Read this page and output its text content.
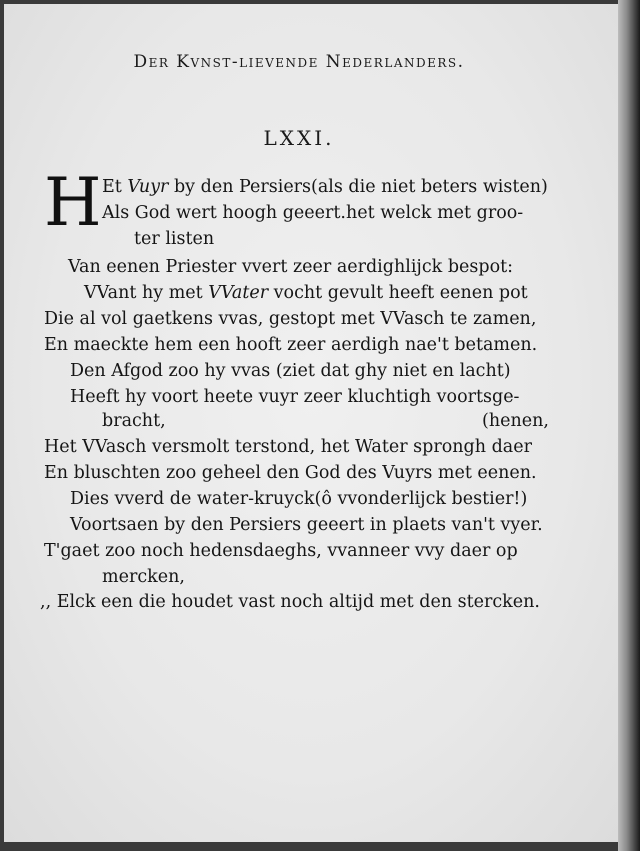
Der Kvnst-lievende Nederlanders.
LXXI.
H Et Vuyr by den Persiers(als die niet beters wisten)
Als God wert hoogh geeert.het welck met groo-
ter listen
Van eenen Priester vvert zeer aerdighlijck bespot:
VVant hy met VVater vocht gevult heeft eenen pot
Die al vol gaetkens vvas, gestopt met VVasch te zamen,
En maeckte hem een hooft zeer aerdigh nae't betamen.
Den Afgod zoo hy vvas (ziet dat ghy niet en lacht)
Heeft hy voort heete vuyr zeer kluchtigh voortsge-
bracht,	(henen,
Het VVasch versmolt terstond, het Water sprongh daer
En bluschten zoo geheel den God des Vuyrs met eenen.
Dies vverd de water-kruyck(ô vvonderlijck bestier!)
Voortsaen by den Persiers geeert in plaets van't vyer.
T'gaet zoo noch hedensdaeghs, vvanneer vvy daer op
mercken,
,, Elck een die houdet vast noch altijd met den stercken.
